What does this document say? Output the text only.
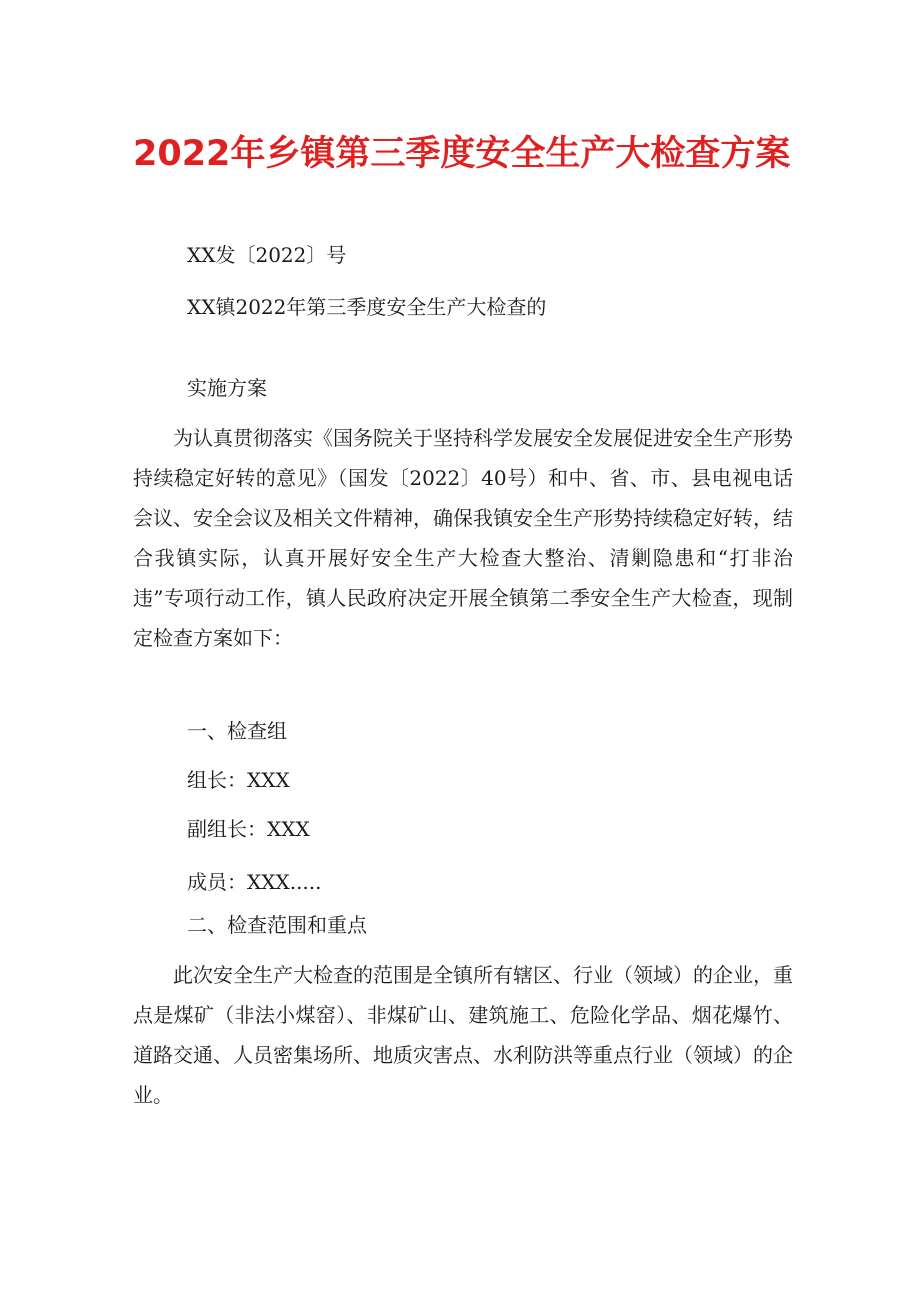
2022年乡镇第三季度安全生产大检查方案

XX发〔2022〕号

XX镇2022年第三季度安全生产大检查的

实施方案

为认真贯彻落实《国务院关于坚持科学发展安全发展促进安全生产形势持续稳定好转的意见》（国发〔2022〕40号）和中、省、市、县电视电话会议、安全会议及相关文件精神，确保我镇安全生产形势持续稳定好转，结合我镇实际，认真开展好安全生产大检查大整治、清剿隐患和“打非治违”专项行动工作，镇人民政府决定开展全镇第二季安全生产大检查，现制定检查方案如下：

一、检查组

组长：XXX

副组长：XXX

成员：XXX.....

二、检查范围和重点

此次安全生产大检查的范围是全镇所有辖区、行业（领域）的企业，重点是煤矿（非法小煤窑）、非煤矿山、建筑施工、危险化学品、烟花爆竹、道路交通、人员密集场所、地质灾害点、水利防洪等重点行业（领域）的企业。
